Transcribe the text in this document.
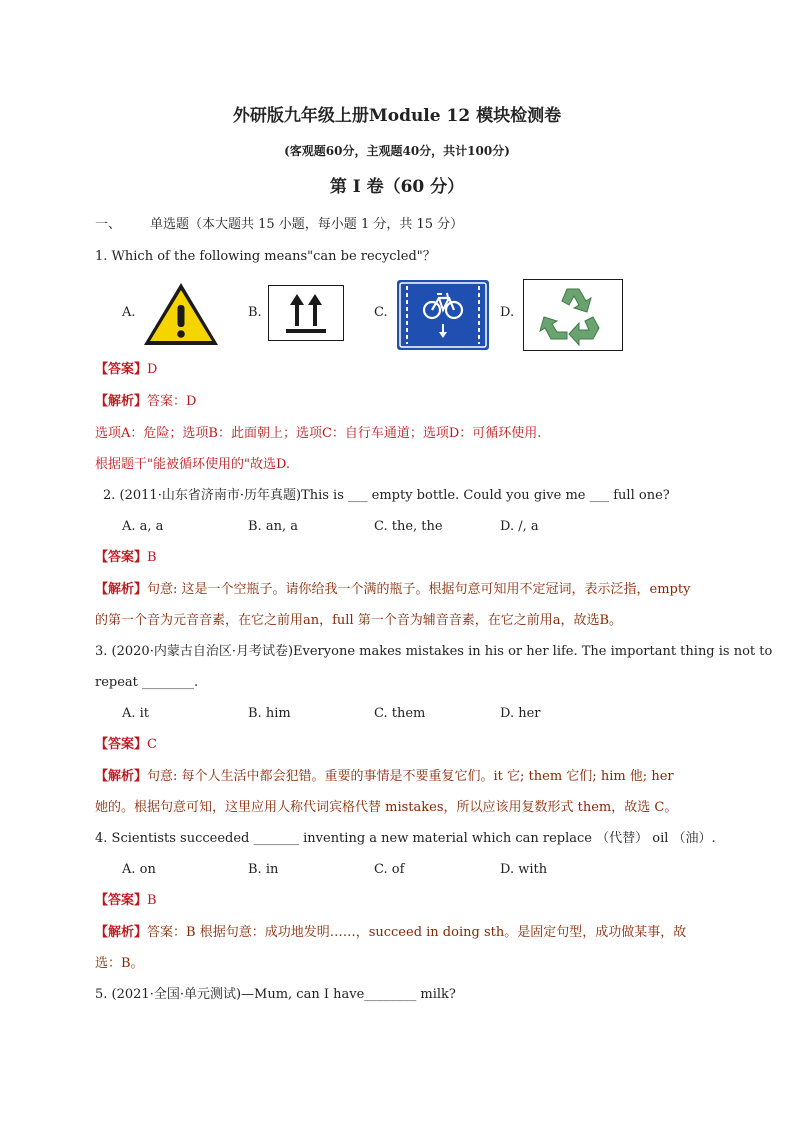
外研版九年级上册Module 12 模块检测卷
(客观题60分，主观题40分，共计100分)
第 I 卷（60 分）
一、 单选题（本大题共 15 小题，每小题 1 分，共 15 分）
1. Which of the following means"can be recycled"？
A.	B.	C.	D.
【答案】D
【解析】答案：D
选项A：危险；选项B：此面朝上；选项C：自行车通道；选项D：可循环使用.
根据题干"能被循环使用的"故选D.
2. (2011·山东省济南市·历年真题)This is ___ empty bottle. Could you give me ___ full one?
A. a, a	B. an, a	C. the, the	D. /, a
【答案】B
【解析】句意: 这是一个空瓶子。请你给我一个满的瓶子。根据句意可知用不定冠词，表示泛指，empty
的第一个音为元音音素，在它之前用an，full 第一个音为辅音音素，在它之前用a，故选B。
3. (2020·内蒙古自治区·月考试卷)Everyone makes mistakes in his or her life. The important thing is not to
repeat ________.
A. it	B. him	C. them	D. her
【答案】C
【解析】句意: 每个人生活中都会犯错。重要的事情是不要重复它们。it 它; them 它们; him 他; her
她的。根据句意可知，这里应用人称代词宾格代替 mistakes，所以应该用复数形式 them，故选 C。
4. Scientists succeeded _______ inventing a new material which can replace （代替） oil （油）.
A. on	B. in	C. of	D. with
【答案】B
【解析】答案：B 根据句意：成功地发明……，succeed in doing sth。是固定句型，成功做某事，故
选：B。
5. (2021·全国·单元测试)—Mum, can I have________ milk?
